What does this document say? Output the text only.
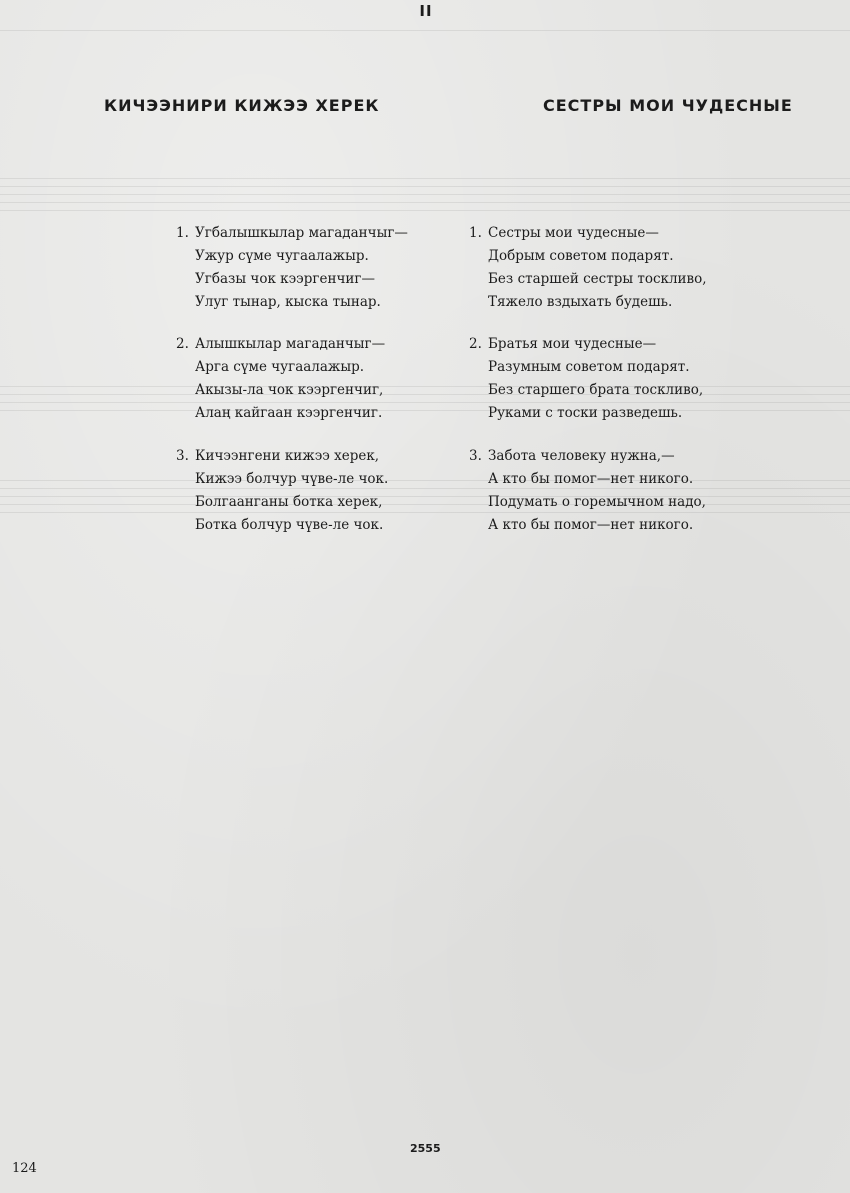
II
КИЧЭЭНИРИ КИЖЭЭ ХЕРЕК	СЕСТРЫ МОИ ЧУДЕСНЫЕ
1. Угбалышкылар магаданчыг—
Ужур сүме чугаалажыр.
Угбазы чок кээргенчиг—
Улуг тынар, кыска тынар.
2. Алышкылар магаданчыг—
Арга сүме чугаалажыр.
Акызы-ла чок кээргенчиг,
Алаң кайгаан кээргенчиг.
3. Кичээнгени кижээ херек,
Кижээ болчур чүве-ле чок.
Болгаанганы ботка херек,
Ботка болчур чүве-ле чок.
1. Сестры мои чудесные—
Добрым советом подарят.
Без старшей сестры тоскливо,
Тяжело вздыхать будешь.
2. Братья мои чудесные—
Разумным советом подарят.
Без старшего брата тоскливо,
Руками с тоски разведешь.
3. Забота человеку нужна,—
А кто бы помог—нет никого.
Подумать о горемычном надо,
А кто бы помог—нет никого.
2555
124
